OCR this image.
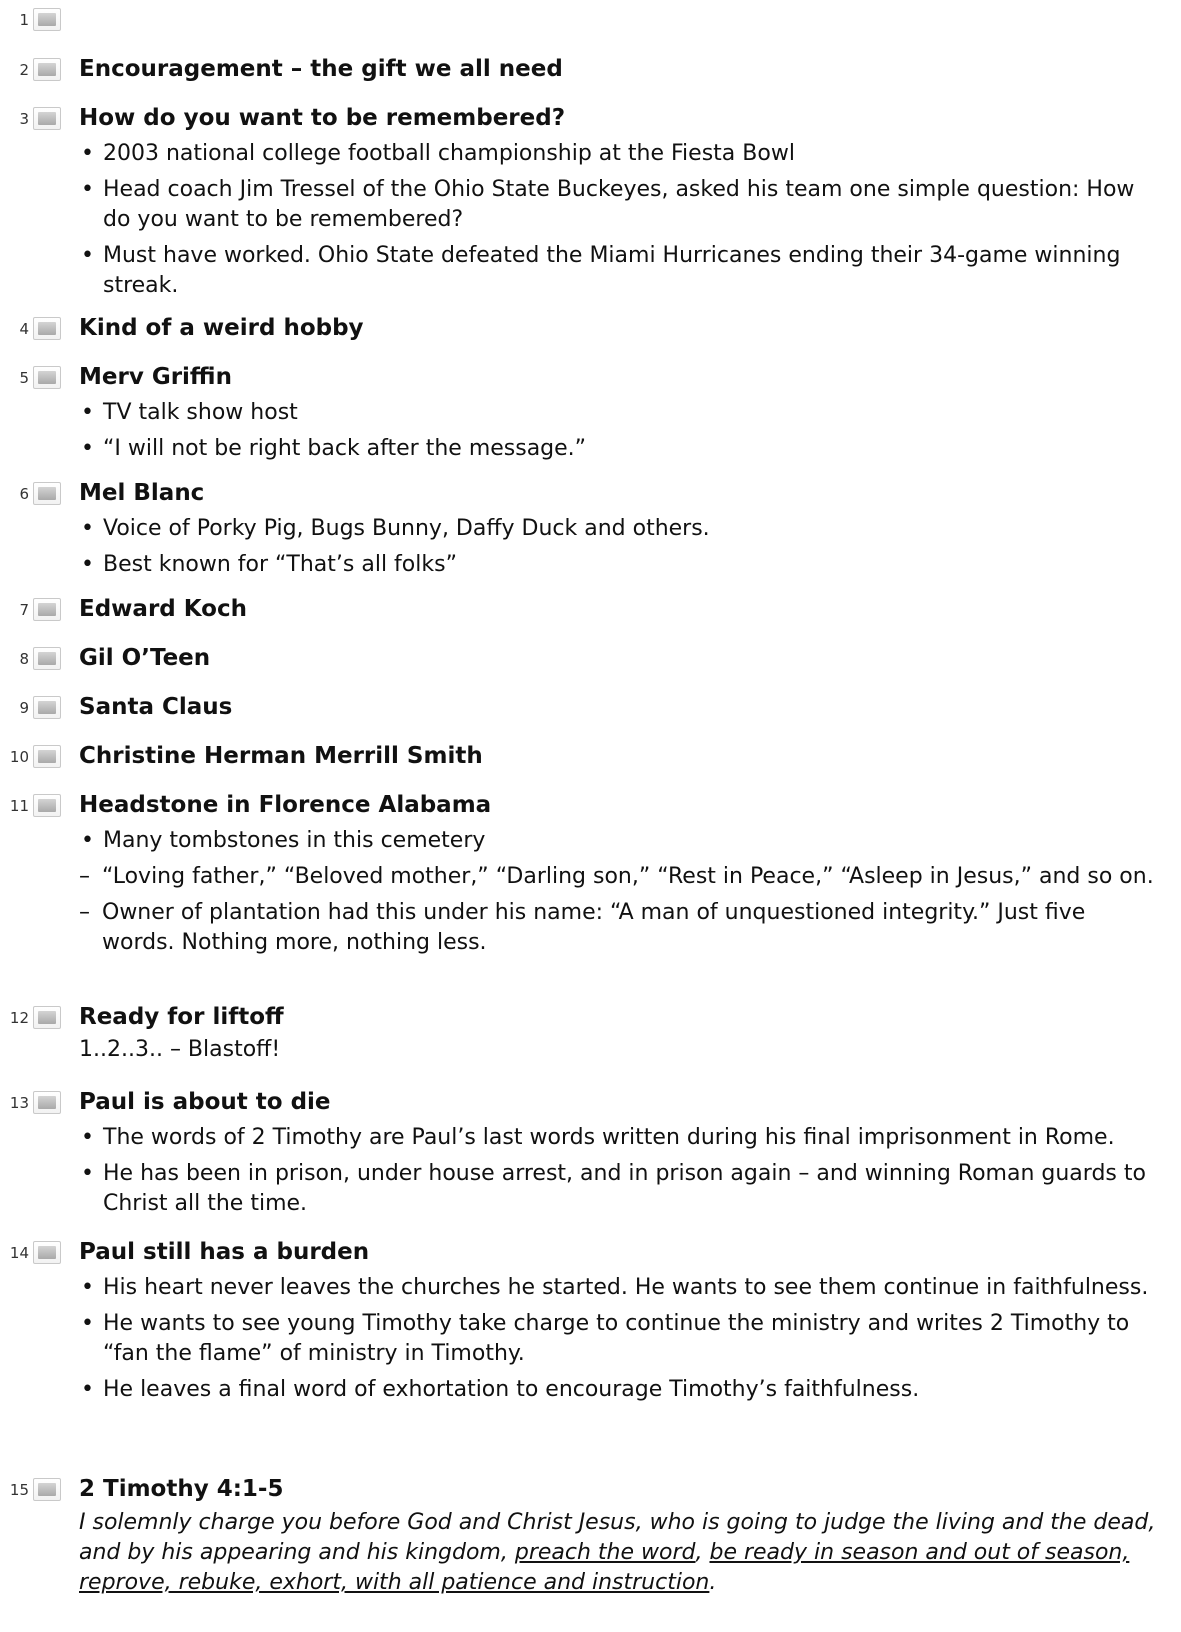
1
2 Encouragement – the gift we all need
3 How do you want to be remembered?
• 2003 national college football championship at the Fiesta Bowl
• Head coach Jim Tressel of the Ohio State Buckeyes, asked his team one simple question: How do you want to be remembered?
• Must have worked. Ohio State defeated the Miami Hurricanes ending their 34-game winning streak.
4 Kind of a weird hobby
5 Merv Griffin
• TV talk show host
• “I will not be right back after the message.”
6 Mel Blanc
• Voice of Porky Pig, Bugs Bunny, Daffy Duck and others.
• Best known for “That’s all folks”
7 Edward Koch
8 Gil O’Teen
9 Santa Claus
10 Christine Herman Merrill Smith
11 Headstone in Florence Alabama
• Many tombstones in this cemetery
– “Loving father,” “Beloved mother,” “Darling son,” “Rest in Peace,” “Asleep in Jesus,” and so on.
– Owner of plantation had this under his name: “A man of unquestioned integrity.” Just five words. Nothing more, nothing less.
12 Ready for liftoff
1..2..3.. – Blastoff!
13 Paul is about to die
• The words of 2 Timothy are Paul’s last words written during his final imprisonment in Rome.
• He has been in prison, under house arrest, and in prison again – and winning Roman guards to Christ all the time.
14 Paul still has a burden
• His heart never leaves the churches he started. He wants to see them continue in faithfulness.
• He wants to see young Timothy take charge to continue the ministry and writes 2 Timothy to “fan the flame” of ministry in Timothy.
• He leaves a final word of exhortation to encourage Timothy’s faithfulness.
15 2 Timothy 4:1-5
I solemnly charge you before God and Christ Jesus, who is going to judge the living and the dead, and by his appearing and his kingdom, preach the word, be ready in season and out of season, reprove, rebuke, exhort, with all patience and instruction.
